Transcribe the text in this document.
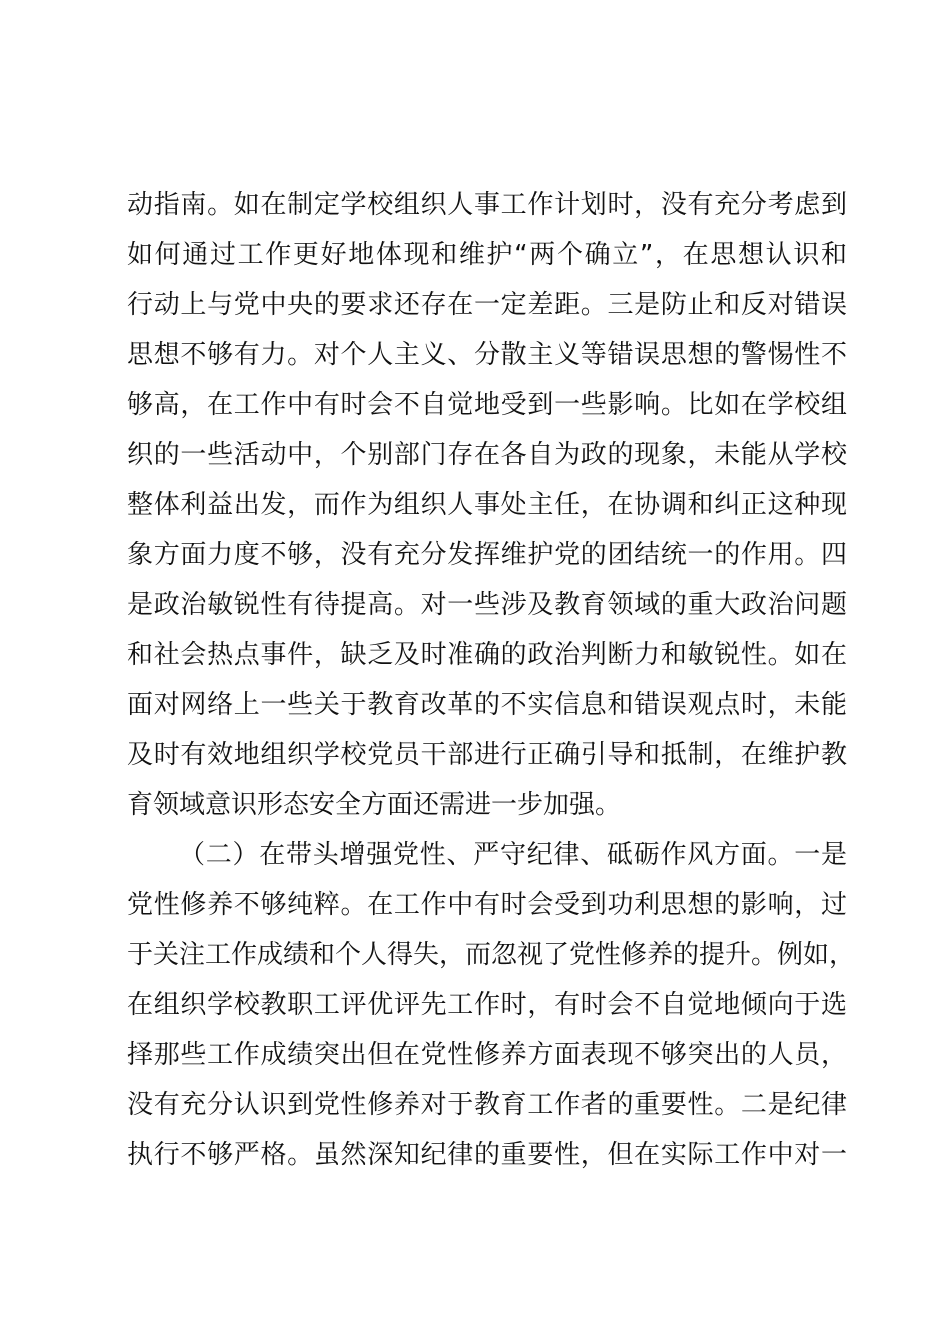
动指南。如在制定学校组织人事工作计划时，没有充分考虑到
如何通过工作更好地体现和维护“两个确立”，在思想认识和
行动上与党中央的要求还存在一定差距。三是防止和反对错误
思想不够有力。对个人主义、分散主义等错误思想的警惕性不
够高，在工作中有时会不自觉地受到一些影响。比如在学校组
织的一些活动中，个别部门存在各自为政的现象，未能从学校
整体利益出发，而作为组织人事处主任，在协调和纠正这种现
象方面力度不够，没有充分发挥维护党的团结统一的作用。四
是政治敏锐性有待提高。对一些涉及教育领域的重大政治问题
和社会热点事件，缺乏及时准确的政治判断力和敏锐性。如在
面对网络上一些关于教育改革的不实信息和错误观点时，未能
及时有效地组织学校党员干部进行正确引导和抵制，在维护教
育领域意识形态安全方面还需进一步加强。
（二）在带头增强党性、严守纪律、砥砺作风方面。一是
党性修养不够纯粹。在工作中有时会受到功利思想的影响，过
于关注工作成绩和个人得失，而忽视了党性修养的提升。例如，
在组织学校教职工评优评先工作时，有时会不自觉地倾向于选
择那些工作成绩突出但在党性修养方面表现不够突出的人员，
没有充分认识到党性修养对于教育工作者的重要性。二是纪律
执行不够严格。虽然深知纪律的重要性，但在实际工作中对一
